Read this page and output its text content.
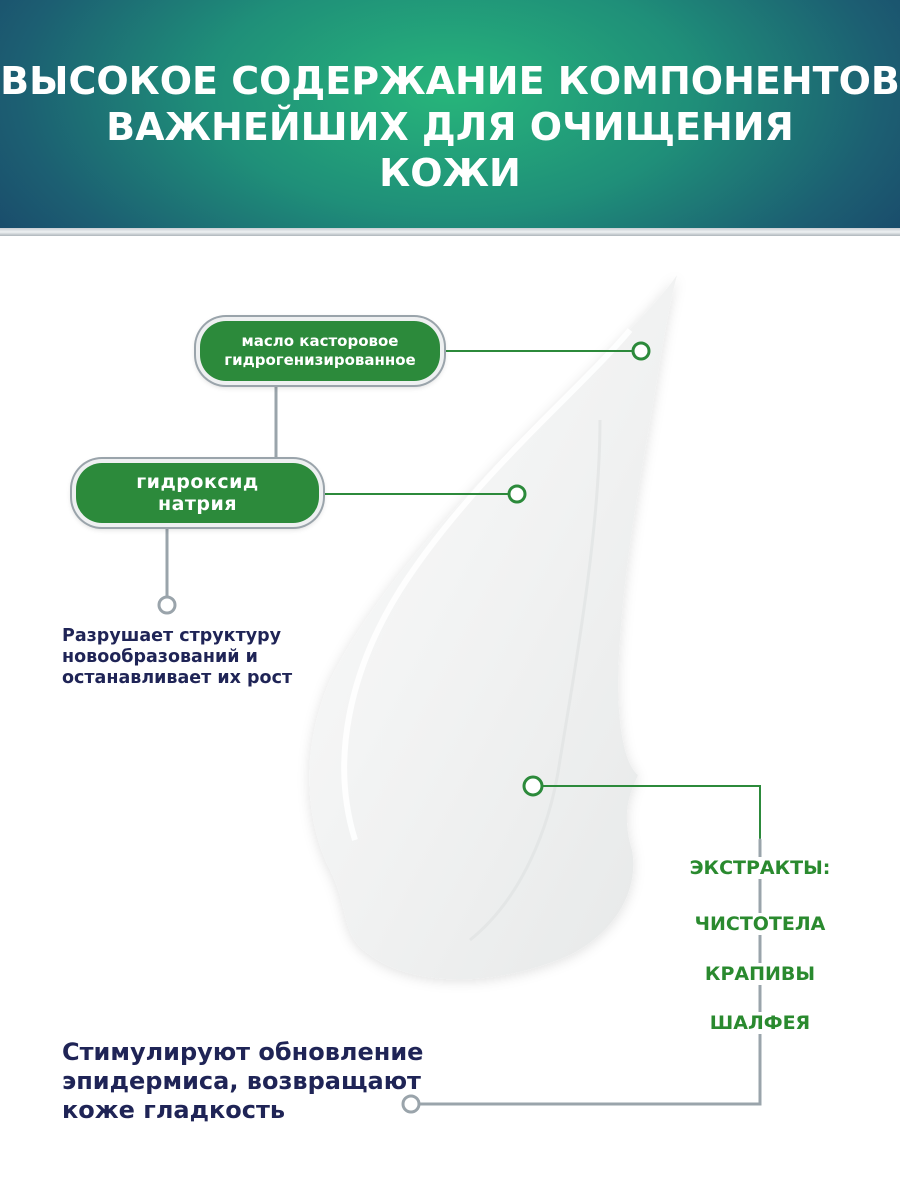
ВЫСОКОЕ СОДЕРЖАНИЕ КОМПОНЕНТОВ
ВАЖНЕЙШИХ ДЛЯ ОЧИЩЕНИЯ
КОЖИ
масло касторовое
гидрогенизированное
гидроксид
натрия
Разрушает структуру
новообразований и
останавливает их рост
ЭКСТРАКТЫ:
ЧИСТОТЕЛА
КРАПИВЫ
ШАЛФЕЯ
Стимулируют обновление
эпидермиса, возвращают
коже гладкость
